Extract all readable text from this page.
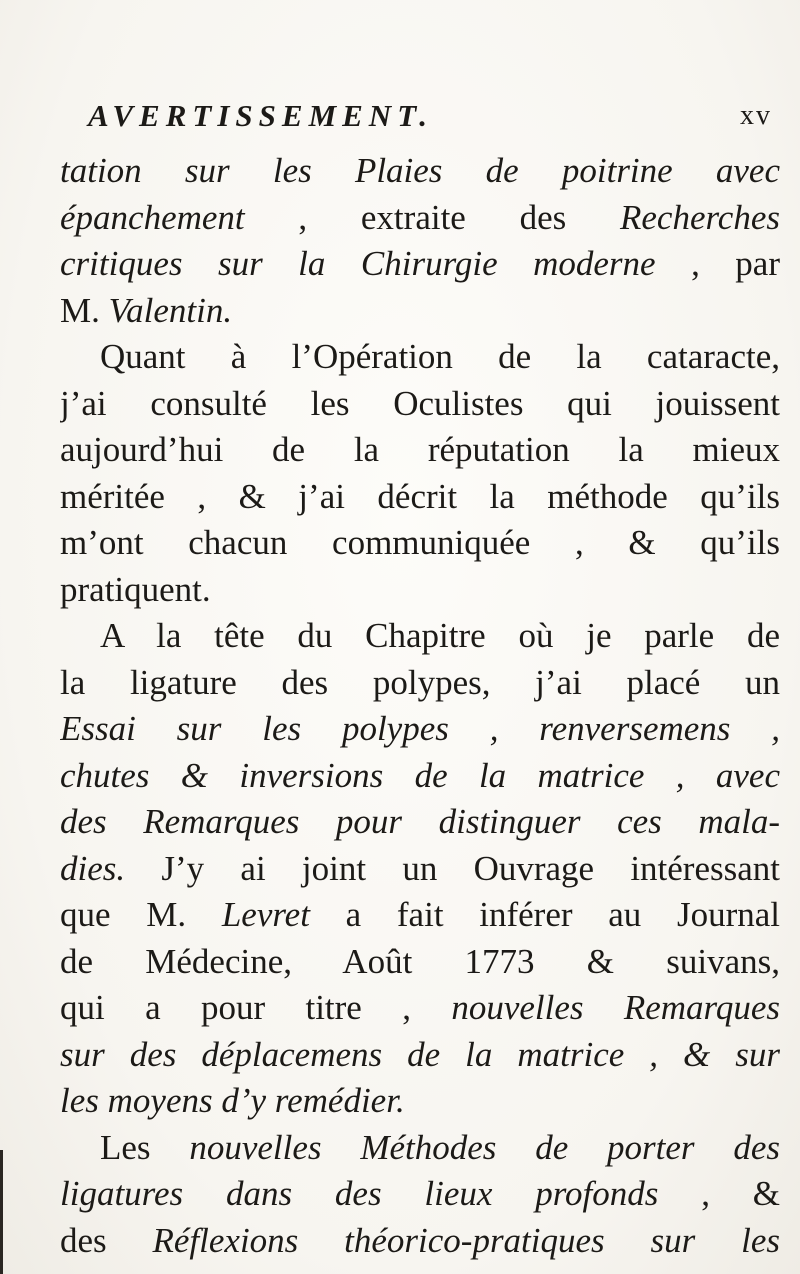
AVERTISSEMENT.	xv
tation sur les Plaies de poitrine avec
épanchement , extraite des Recherches
critiques sur la Chirurgie moderne , par
M. Valentin.
Quant à l’Opération de la cataracte,
j’ai consulté les Oculistes qui jouissent
aujourd’hui de la réputation la mieux
méritée , & j’ai décrit la méthode qu’ils
m’ont chacun communiquée , & qu’ils
pratiquent.
A la tête du Chapitre où je parle de
la ligature des polypes, j’ai placé un
Essai sur les polypes , renversemens ,
chutes & inversions de la matrice , avec
des Remarques pour distinguer ces mala-
dies. J’y ai joint un Ouvrage intéressant
que M. Levret a fait inférer au Journal
de Médecine, Août 1773 & suivans,
qui a pour titre , nouvelles Remarques
sur des déplacemens de la matrice , & sur
les moyens d’y remédier.
Les nouvelles Méthodes de porter des
ligatures dans des lieux profonds , &
des Réflexions théorico-pratiques sur les
